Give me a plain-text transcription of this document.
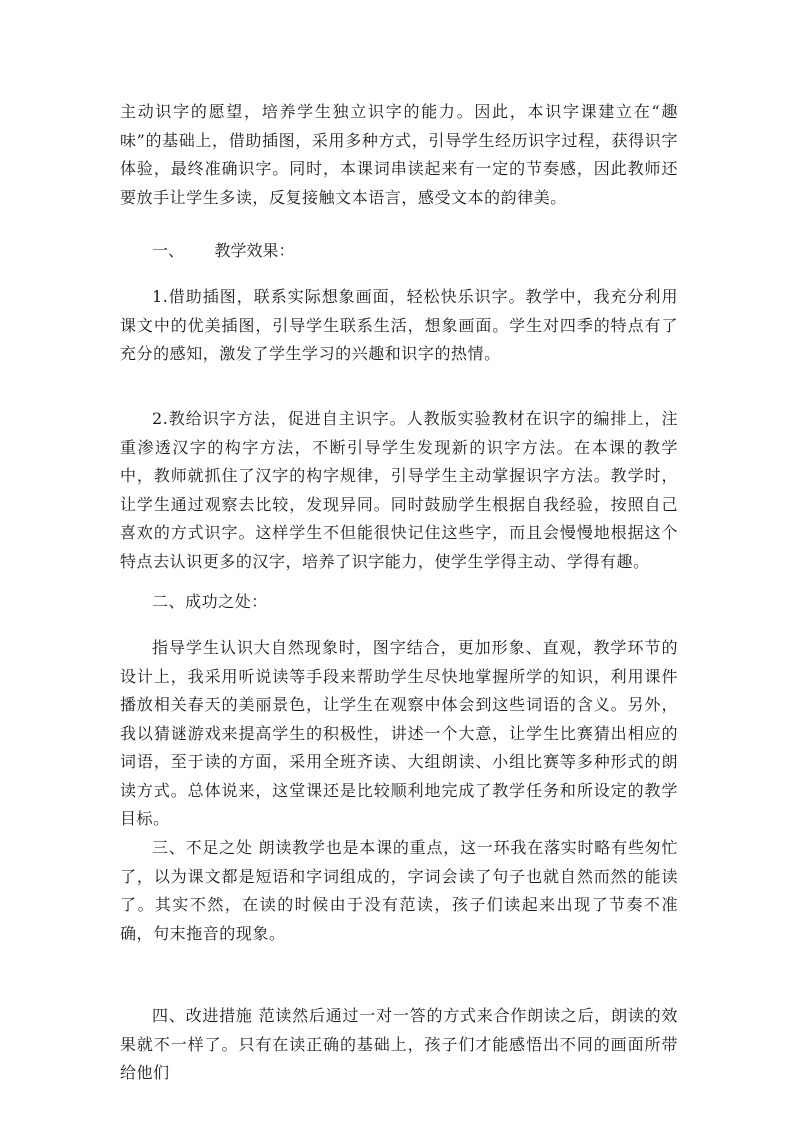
主动识字的愿望，培养学生独立识字的能力。因此，本识字课建立在“趣味”的基础上，借助插图，采用多种方式，引导学生经历识字过程，获得识字体验，最终准确识字。同时，本课词串读起来有一定的节奏感，因此教师还要放手让学生多读，反复接触文本语言，感受文本的韵律美。

一、 教学效果：

1.借助插图，联系实际想象画面，轻松快乐识字。教学中，我充分利用课文中的优美插图，引导学生联系生活，想象画面。学生对四季的特点有了充分的感知，激发了学生学习的兴趣和识字的热情。

2.教给识字方法，促进自主识字。人教版实验教材在识字的编排上，注重渗透汉字的构字方法，不断引导学生发现新的识字方法。在本课的教学中，教师就抓住了汉字的构字规律，引导学生主动掌握识字方法。教学时，让学生通过观察去比较，发现异同。同时鼓励学生根据自我经验，按照自己喜欢的方式识字。这样学生不但能很快记住这些字，而且会慢慢地根据这个特点去认识更多的汉字，培养了识字能力，使学生学得主动、学得有趣。

二、成功之处：

指导学生认识大自然现象时，图字结合，更加形象、直观，教学环节的设计上，我采用听说读等手段来帮助学生尽快地掌握所学的知识，利用课件播放相关春天的美丽景色，让学生在观察中体会到这些词语的含义。另外，我以猜谜游戏来提高学生的积极性，讲述一个大意，让学生比赛猜出相应的词语，至于读的方面，采用全班齐读、大组朗读、小组比赛等多种形式的朗读方式。总体说来，这堂课还是比较顺利地完成了教学任务和所设定的教学目标。

三、不足之处 朗读教学也是本课的重点，这一环我在落实时略有些匆忙了，以为课文都是短语和字词组成的，字词会读了句子也就自然而然的能读了。其实不然，在读的时候由于没有范读，孩子们读起来出现了节奏不准确，句末拖音的现象。

四、改进措施 范读然后通过一对一答的方式来合作朗读之后，朗读的效果就不一样了。只有在读正确的基础上，孩子们才能感悟出不同的画面所带给他们
